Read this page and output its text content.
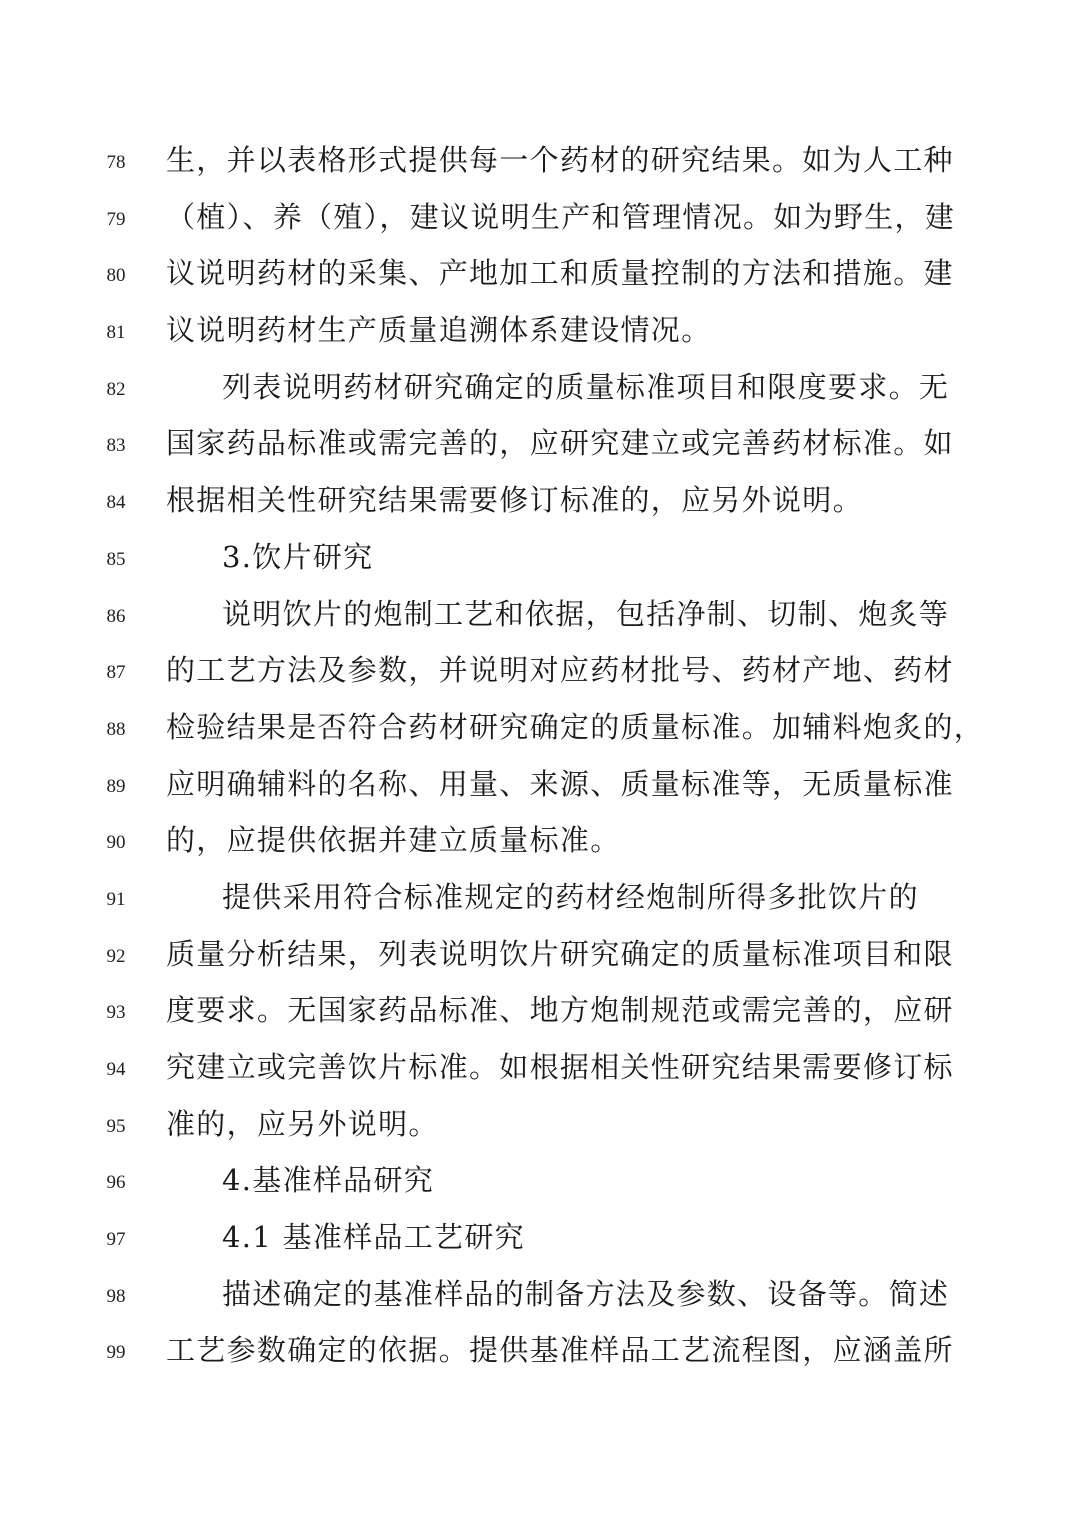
78	生，并以表格形式提供每一个药材的研究结果。如为人工种
79	（植）、养（殖），建议说明生产和管理情况。如为野生，建
80	议说明药材的采集、产地加工和质量控制的方法和措施。建
81	议说明药材生产质量追溯体系建设情况。
82	列表说明药材研究确定的质量标准项目和限度要求。无
83	国家药品标准或需完善的，应研究建立或完善药材标准。如
84	根据相关性研究结果需要修订标准的，应另外说明。
85	3.饮片研究
86	说明饮片的炮制工艺和依据，包括净制、切制、炮炙等
87	的工艺方法及参数，并说明对应药材批号、药材产地、药材
88	检验结果是否符合药材研究确定的质量标准。加辅料炮炙的，
89	应明确辅料的名称、用量、来源、质量标准等，无质量标准
90	的，应提供依据并建立质量标准。
91	提供采用符合标准规定的药材经炮制所得多批饮片的
92	质量分析结果，列表说明饮片研究确定的质量标准项目和限
93	度要求。无国家药品标准、地方炮制规范或需完善的，应研
94	究建立或完善饮片标准。如根据相关性研究结果需要修订标
95	准的，应另外说明。
96	4.基准样品研究
97	4.1 基准样品工艺研究
98	描述确定的基准样品的制备方法及参数、设备等。简述
99	工艺参数确定的依据。提供基准样品工艺流程图，应涵盖所
